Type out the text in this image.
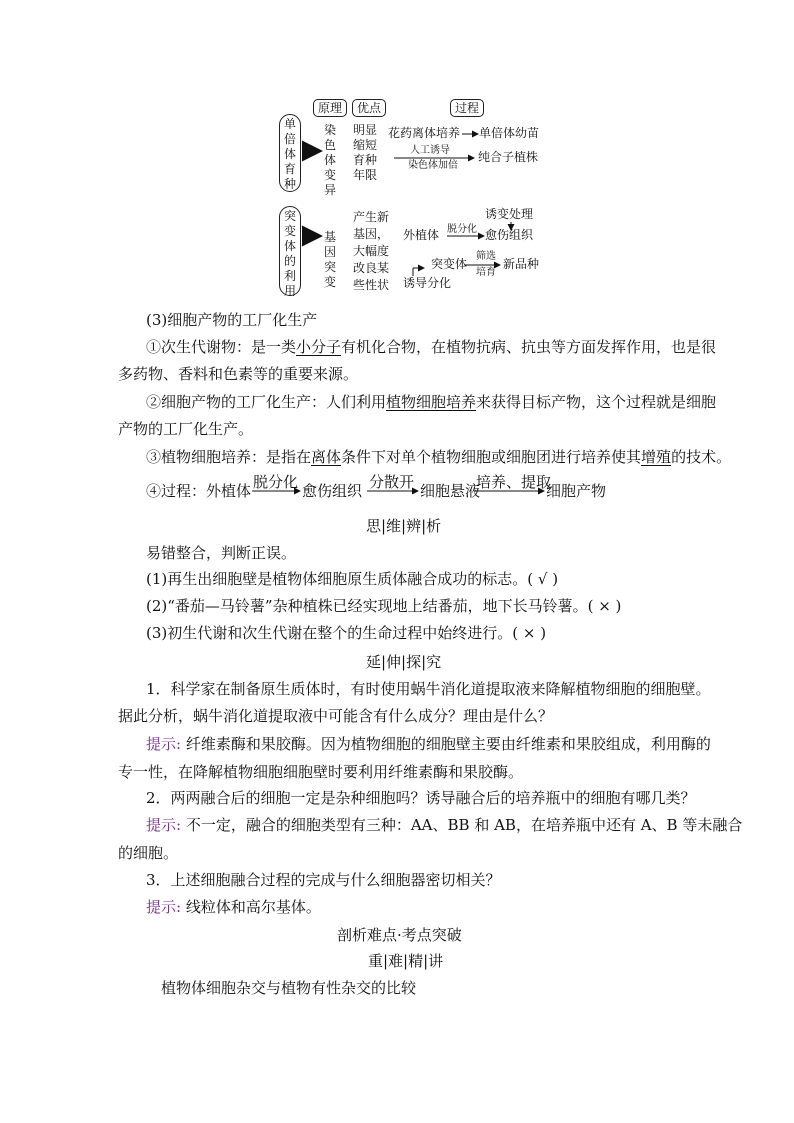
原理	优点	过程
单倍体育种
染色体变异
明显缩短育种年限
花药离体培养 单倍体幼苗
人工诱导
染色体加倍
纯合子植株
突变体的利用
基因突变
产生新基因，大幅度改良某些性状
诱变处理
外植体 脱分化 愈伤组织
突变体
筛选
培育
新品种
诱导分化
(3)细胞产物的工厂化生产
①次生代谢物：是一类小分子有机化合物，在植物抗病、抗虫等方面发挥作用，也是很
多药物、香料和色素等的重要来源。
②细胞产物的工厂化生产：人们利用植物细胞培养来获得目标产物，这个过程就是细胞
产物的工厂化生产。
③植物细胞培养：是指在离体条件下对单个植物细胞或细胞团进行培养使其增殖的技术。
④过程：外植体 脱分化 愈伤组织 分散开 细胞悬液
培养、提取
细胞产物
思|维|辨|析
易错整合，判断正误。
(1)再生出细胞壁是植物体细胞原生质体融合成功的标志。( √ )
(2)“番茄—马铃薯”杂种植株已经实现地上结番茄，地下长马铃薯。( × )
(3)初生代谢和次生代谢在整个的生命过程中始终进行。( × )
延|伸|探|究
1．科学家在制备原生质体时，有时使用蜗牛消化道提取液来降解植物细胞的细胞壁。
据此分析，蜗牛消化道提取液中可能含有什么成分？理由是什么？
提示: 纤维素酶和果胶酶。因为植物细胞的细胞壁主要由纤维素和果胶组成，利用酶的
专一性，在降解植物细胞细胞壁时要利用纤维素酶和果胶酶。
2．两两融合后的细胞一定是杂种细胞吗？诱导融合后的培养瓶中的细胞有哪几类？
提示: 不一定，融合的细胞类型有三种：AA、BB 和 AB，在培养瓶中还有 A、B 等未融合
的细胞。
3．上述细胞融合过程的完成与什么细胞器密切相关？
提示: 线粒体和高尔基体。
剖析难点·考点突破
重|难|精|讲
植物体细胞杂交与植物有性杂交的比较
